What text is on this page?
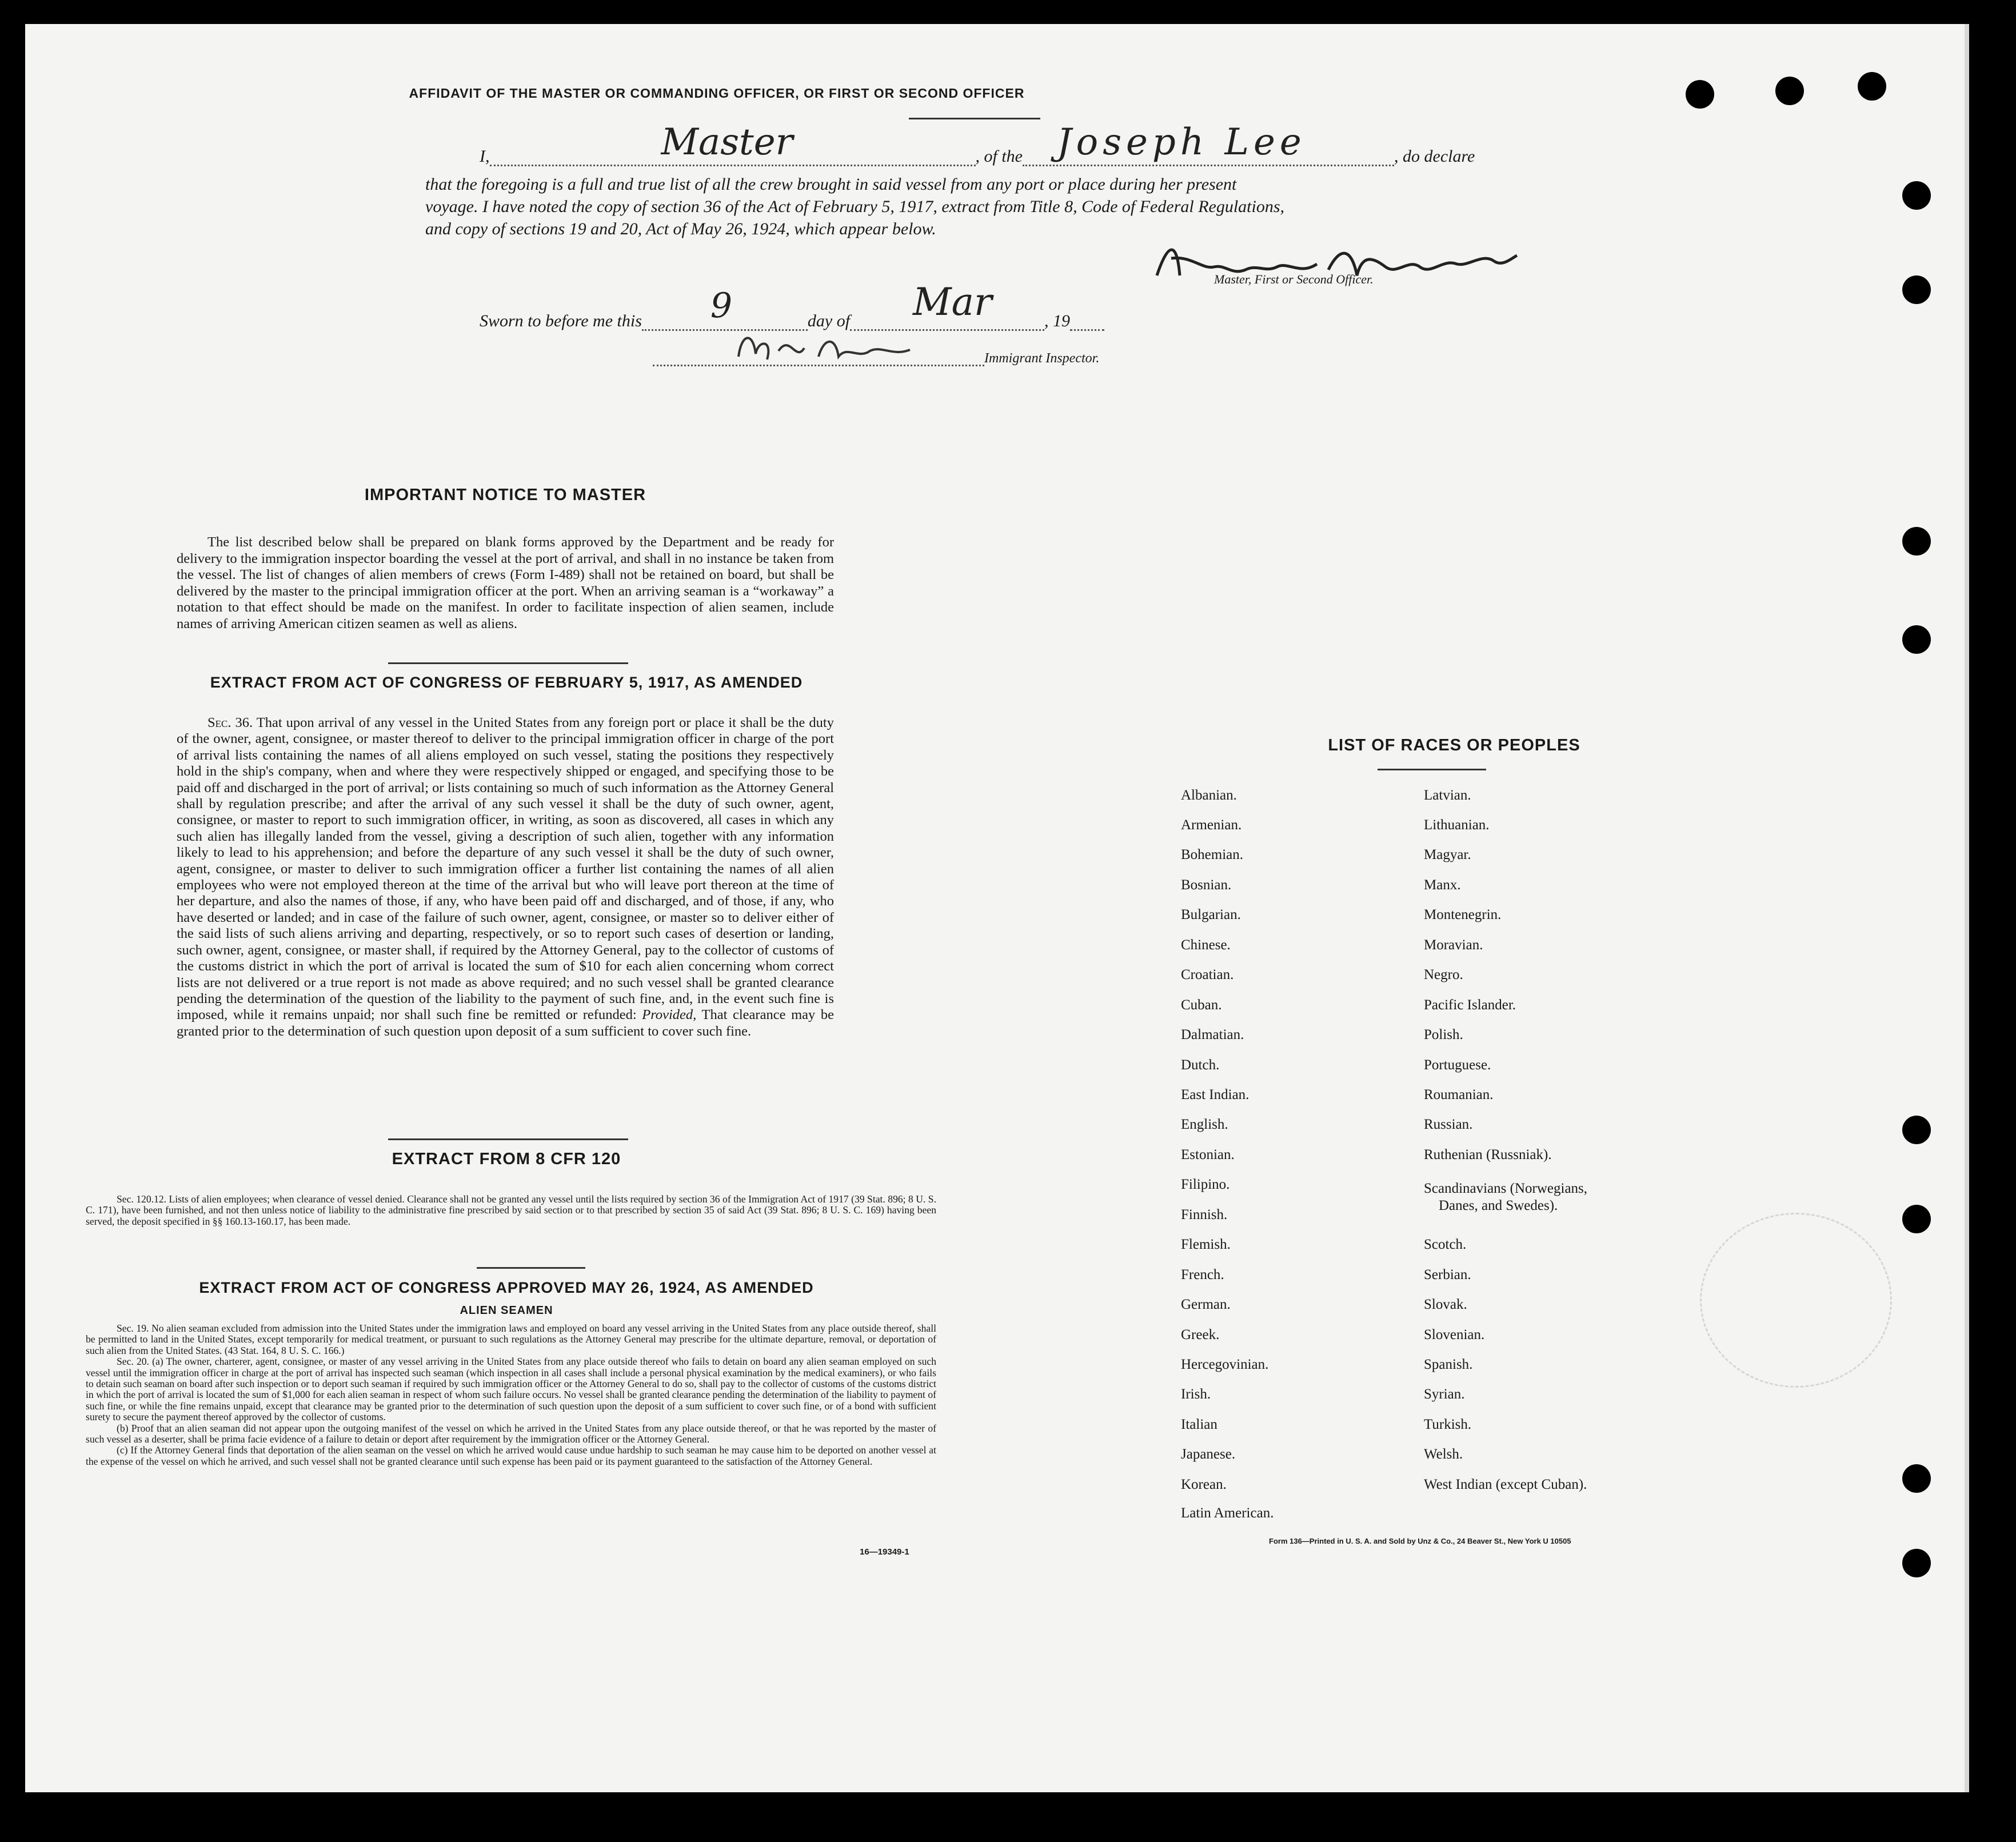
AFFIDAVIT OF THE MASTER OR COMMANDING OFFICER, OR FIRST OR SECOND OFFICER
I,	Master	, of the Joseph Lee	, do declare
that the foregoing is a full and true list of all the crew brought in said vessel from any port or place during her present
voyage. I have noted the copy of section 36 of the Act of February 5, 1917, extract from Title 8, Code of Federal Regulations,
and copy of sections 19 and 20, Act of May 26, 1924, which appear below.
Master, First or Second Officer.
Sworn to before me this 9	day of Mar	, 19
Immigrant Inspector.
IMPORTANT NOTICE TO MASTER
The list described below shall be prepared on blank forms approved by the Department and be ready for delivery to the immigration inspector boarding the vessel at the port of arrival, and shall in no instance be taken from the vessel. The list of changes of alien members of crews (Form I-489) shall not be retained on board, but shall be delivered by the master to the principal immigration officer at the port. When an arriving seaman is a “workaway” a notation to that effect should be made on the manifest. In order to facilitate inspection of alien seamen, include names of arriving American citizen seamen as well as aliens.
EXTRACT FROM ACT OF CONGRESS OF FEBRUARY 5, 1917, AS AMENDED
Sec. 36. That upon arrival of any vessel in the United States from any foreign port or place it shall be the duty of the owner, agent, consignee, or master thereof to deliver to the principal immigration officer in charge of the port of arrival lists containing the names of all aliens employed on such vessel, stating the positions they respectively hold in the ship's company, when and where they were respectively shipped or engaged, and specifying those to be paid off and discharged in the port of arrival; or lists containing so much of such information as the Attorney General shall by regulation prescribe; and after the arrival of any such vessel it shall be the duty of such owner, agent, consignee, or master to report to such immigration officer, in writing, as soon as discovered, all cases in which any such alien has illegally landed from the vessel, giving a description of such alien, together with any information likely to lead to his apprehension; and before the departure of any such vessel it shall be the duty of such owner, agent, consignee, or master to deliver to such immigration officer a further list containing the names of all alien employees who were not employed thereon at the time of the arrival but who will leave port thereon at the time of her departure, and also the names of those, if any, who have been paid off and discharged, and of those, if any, who have deserted or landed; and in case of the failure of such owner, agent, consignee, or master so to deliver either of the said lists of such aliens arriving and departing, respectively, or so to report such cases of desertion or landing, such owner, agent, consignee, or master shall, if required by the Attorney General, pay to the collector of customs of the customs district in which the port of arrival is located the sum of $10 for each alien concerning whom correct lists are not delivered or a true report is not made as above required; and no such vessel shall be granted clearance pending the determination of the question of the liability to the payment of such fine, and, in the event such fine is imposed, while it remains unpaid; nor shall such fine be remitted or refunded: Provided, That clearance may be granted prior to the determination of such question upon deposit of a sum sufficient to cover such fine.
EXTRACT FROM 8 CFR 120
Sec. 120.12. Lists of alien employees; when clearance of vessel denied. Clearance shall not be granted any vessel until the lists required by section 36 of the Immigration Act of 1917 (39 Stat. 896; 8 U. S. C. 171), have been furnished, and not then unless notice of liability to the administrative fine prescribed by said section or to that prescribed by section 35 of said Act (39 Stat. 896; 8 U. S. C. 169) having been served, the deposit specified in §§ 160.13-160.17, has been made.
EXTRACT FROM ACT OF CONGRESS APPROVED MAY 26, 1924, AS AMENDED
ALIEN SEAMEN
Sec. 19. No alien seaman excluded from admission into the United States under the immigration laws and employed on board any vessel arriving in the United States from any place outside thereof, shall be permitted to land in the United States, except temporarily for medical treatment, or pursuant to such regulations as the Attorney General may prescribe for the ultimate departure, removal, or deportation of such alien from the United States. (43 Stat. 164, 8 U. S. C. 166.)
Sec. 20. (a) The owner, charterer, agent, consignee, or master of any vessel arriving in the United States from any place outside thereof who fails to detain on board any alien seaman employed on such vessel until the immigration officer in charge at the port of arrival has inspected such seaman (which inspection in all cases shall include a personal physical examination by the medical examiners), or who fails to detain such seaman on board after such inspection or to deport such seaman if required by such immigration officer or the Attorney General to do so, shall pay to the collector of customs of the customs district in which the port of arrival is located the sum of $1,000 for each alien seaman in respect of whom such failure occurs. No vessel shall be granted clearance pending the determination of the liability to payment of such fine, or while the fine remains unpaid, except that clearance may be granted prior to the determination of such question upon the deposit of a sum sufficient to cover such fine, or of a bond with sufficient surety to secure the payment thereof approved by the collector of customs.
(b) Proof that an alien seaman did not appear upon the outgoing manifest of the vessel on which he arrived in the United States from any place outside thereof, or that he was reported by the master of such vessel as a deserter, shall be prima facie evidence of a failure to detain or deport after requirement by the immigration officer or the Attorney General.
(c) If the Attorney General finds that deportation of the alien seaman on the vessel on which he arrived would cause undue hardship to such seaman he may cause him to be deported on another vessel at the expense of the vessel on which he arrived, and such vessel shall not be granted clearance until such expense has been paid or its payment guaranteed to the satisfaction of the Attorney General.
16—19349-1
LIST OF RACES OR PEOPLES
Albanian.
Armenian.
Bohemian.
Bosnian.
Bulgarian.
Chinese.
Croatian.
Cuban.
Dalmatian.
Dutch.
East Indian.
English.
Estonian.
Filipino.
Finnish.
Flemish.
French.
German.
Greek.
Hercegovinian.
Irish.
Italian
Japanese.
Korean.
Latin American.
Latvian.
Lithuanian.
Magyar.
Manx.
Montenegrin.
Moravian.
Negro.
Pacific Islander.
Polish.
Portuguese.
Roumanian.
Russian.
Ruthenian (Russniak).
Scandinavians (Norwegians,
Danes, and Swedes).
Scotch.
Serbian.
Slovak.
Slovenian.
Spanish.
Syrian.
Turkish.
Welsh.
West Indian (except Cuban).
Form 136—Printed in U. S. A. and Sold by Unz & Co., 24 Beaver St., New York U 10505
